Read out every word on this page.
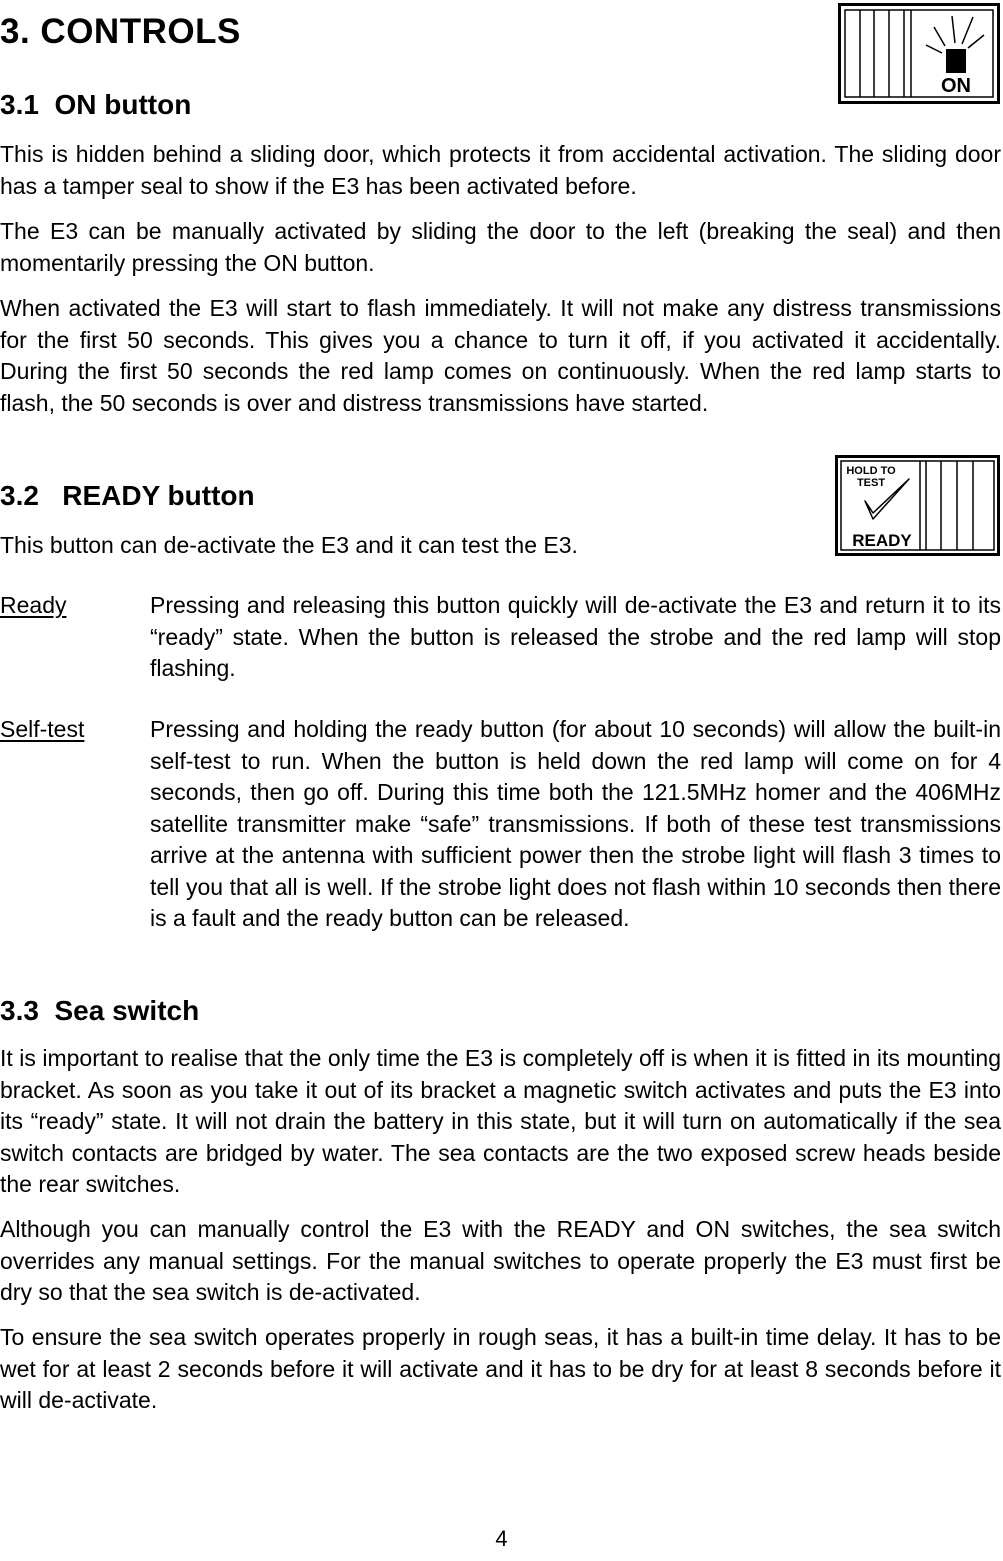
3. CONTROLS
ON
3.1  ON button

This is hidden behind a sliding door, which protects it from accidental activation. The sliding door has a tamper seal to show if the E3 has been activated before.

The E3 can be manually activated by sliding the door to the left (breaking the seal) and then momentarily pressing the ON button.

When activated the E3 will start to flash immediately. It will not make any distress transmissions for the first 50 seconds. This gives you a chance to turn it off, if you activated it accidentally. During the first 50 seconds the red lamp comes on continuously. When the red lamp starts to flash, the 50 seconds is over and distress transmissions have started.

HOLD TO
TEST
READY
3.2   READY button

This button can de-activate the E3 and it can test the E3.

Ready	Pressing and releasing this button quickly will de-activate the E3 and return it to its “ready” state. When the button is released the strobe and the red lamp will stop flashing.

Self-test	Pressing and holding the ready button (for about 10 seconds) will allow the built-in self-test to run. When the button is held down the red lamp will come on for 4 seconds, then go off. During this time both the 121.5MHz homer and the 406MHz satellite transmitter make “safe” transmissions. If both of these test transmissions arrive at the antenna with sufficient power then the strobe light will flash 3 times to tell you that all is well. If the strobe light does not flash within 10 seconds then there is a fault and the ready button can be released.

3.3  Sea switch

It is important to realise that the only time the E3 is completely off is when it is fitted in its mounting bracket. As soon as you take it out of its bracket a magnetic switch activates and puts the E3 into its “ready” state. It will not drain the battery in this state, but it will turn on automatically if the sea switch contacts are bridged by water. The sea contacts are the two exposed screw heads beside the rear switches.

Although you can manually control the E3 with the READY and ON switches, the sea switch overrides any manual settings. For the manual switches to operate properly the E3 must first be dry so that the sea switch is de-activated.

To ensure the sea switch operates properly in rough seas, it has a built-in time delay. It has to be wet for at least 2 seconds before it will activate and it has to be dry for at least 8 seconds before it will de-activate.

4
